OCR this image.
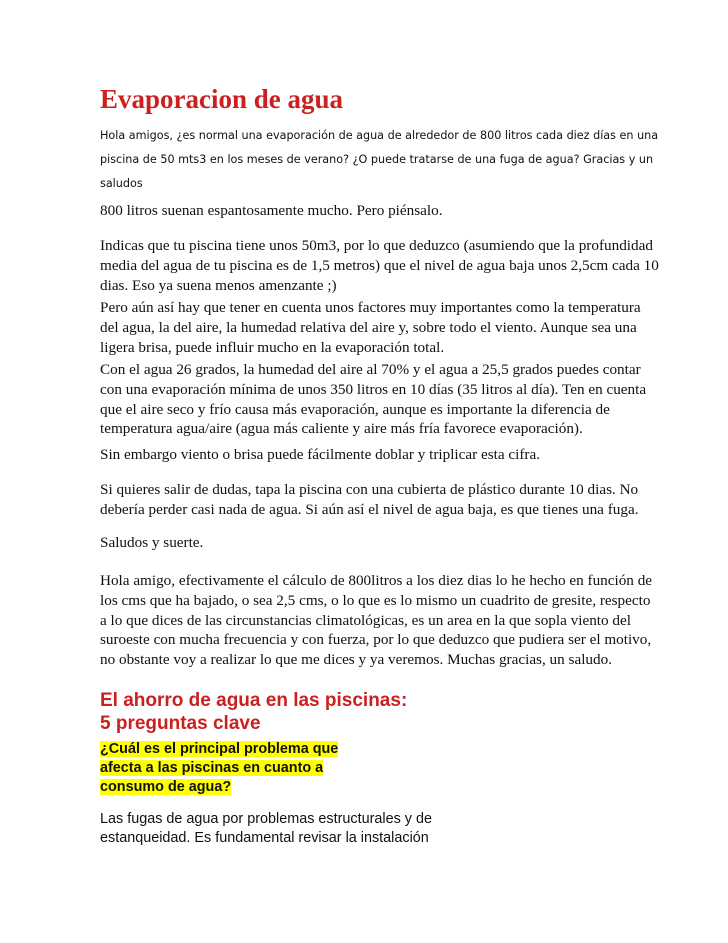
Evaporacion de agua

Hola amigos, ¿es normal una evaporación de agua de alrededor de 800 litros cada diez días en una
piscina de 50 mts3 en los meses de verano? ¿O puede tratarse de una fuga de agua? Gracias y un
saludos

800 litros suenan espantosamente mucho. Pero piénsalo.

Indicas que tu piscina tiene unos 50m3, por lo que deduzco (asumiendo que la profundidad
media del agua de tu piscina es de 1,5 metros) que el nivel de agua baja unos 2,5cm cada 10
dias. Eso ya suena menos amenzante ;)

Pero aún así hay que tener en cuenta unos factores muy importantes como la temperatura
del agua, la del aire, la humedad relativa del aire y, sobre todo el viento. Aunque sea una
ligera brisa, puede influir mucho en la evaporación total.

Con el agua 26 grados, la humedad del aire al 70% y el agua a 25,5 grados puedes contar
con una evaporación mínima de unos 350 litros en 10 días (35 litros al día). Ten en cuenta
que el aire seco y frío causa más evaporación, aunque es importante la diferencia de
temperatura agua/aire (agua más caliente y aire más fría favorece evaporación).

Sin embargo viento o brisa puede fácilmente doblar y triplicar esta cifra.

Si quieres salir de dudas, tapa la piscina con una cubierta de plástico durante 10 dias. No
debería perder casi nada de agua. Si aún así el nivel de agua baja, es que tienes una fuga.

Saludos y suerte.

Hola amigo, efectivamente el cálculo de 800litros a los diez dias lo he hecho en función de
los cms que ha bajado, o sea 2,5 cms, o lo que es lo mismo un cuadrito de gresite, respecto
a lo que dices de las circunstancias climatológicas, es un area en la que sopla viento del
suroeste con mucha frecuencia y con fuerza, por lo que deduzco que pudiera ser el motivo,
no obstante voy a realizar lo que me dices y ya veremos. Muchas gracias, un saludo.

El ahorro de agua en las piscinas:
5 preguntas clave

¿Cuál es el principal problema que
afecta a las piscinas en cuanto a
consumo de agua?

Las fugas de agua por problemas estructurales y de
estanqueidad. Es fundamental revisar la instalación
